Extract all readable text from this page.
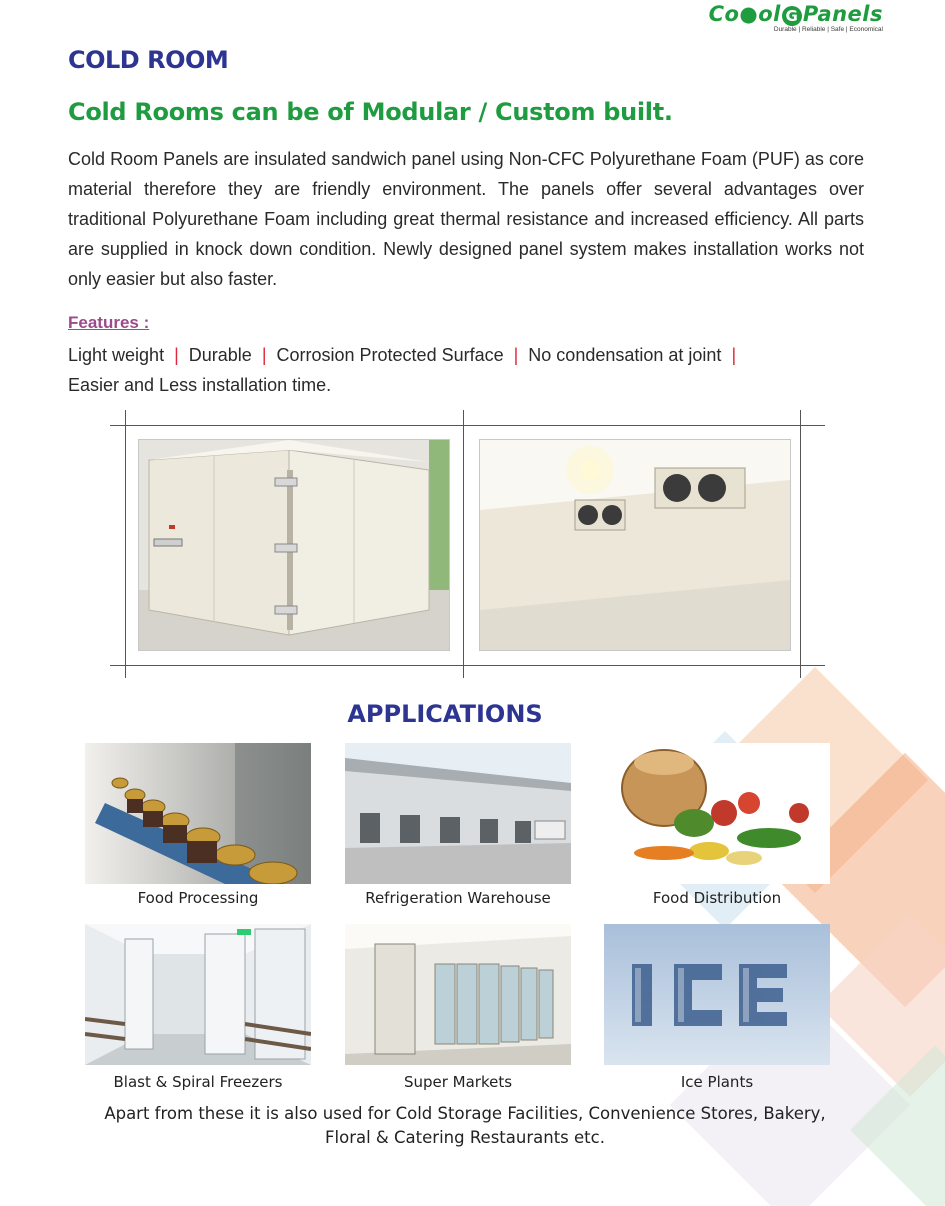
Co●ol G Panels
Durable | Reliable | Safe | Economical
COLD ROOM
Cold Rooms can be of Modular / Custom built.
Cold Room Panels are insulated sandwich panel using Non-CFC Polyurethane Foam (PUF) as core material therefore they are friendly environment. The panels offer several advantages over traditional Polyurethane Foam including great thermal resistance and increased efficiency. All parts are supplied in knock down condition. Newly designed panel system makes installation works not only easier but also faster.
Features :
Light weight | Durable | Corrosion Protected Surface | No condensation at joint |
Easier and Less installation time.
APPLICATIONS
Food Processing	Refrigeration Warehouse	Food Distribution
Blast & Spiral Freezers	Super Markets	Ice Plants
Apart from these it is also used for Cold Storage Facilities, Convenience Stores, Bakery, Floral & Catering Restaurants etc.
